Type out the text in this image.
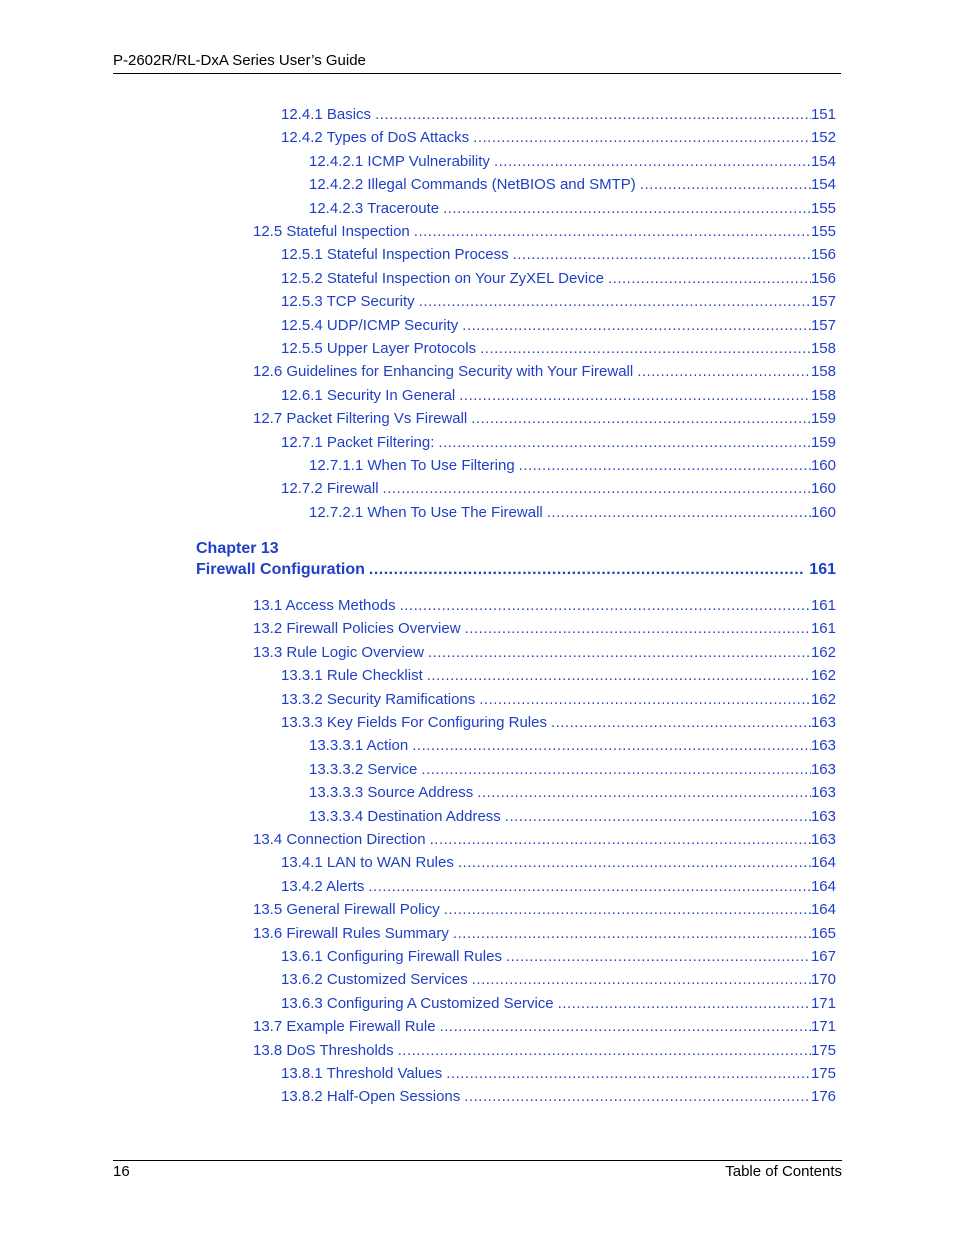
P-2602R/RL-DxA Series User’s Guide
12.4.1 Basics .....	151
12.4.2 Types of DoS Attacks .....	152
12.4.2.1 ICMP Vulnerability .....	154
12.4.2.2 Illegal Commands (NetBIOS and SMTP) .....	154
12.4.2.3 Traceroute .....	155
12.5 Stateful Inspection .....	155
12.5.1 Stateful Inspection Process .....	156
12.5.2 Stateful Inspection on Your ZyXEL Device .....	156
12.5.3 TCP Security .....	157
12.5.4 UDP/ICMP Security .....	157
12.5.5 Upper Layer Protocols .....	158
12.6 Guidelines for Enhancing Security with Your Firewall .....	158
12.6.1 Security In General .....	158
12.7 Packet Filtering Vs Firewall .....	159
12.7.1 Packet Filtering: .....	159
12.7.1.1 When To Use Filtering .....	160
12.7.2 Firewall .....	160
12.7.2.1 When To Use The Firewall .....	160
13.1 Access Methods .....	161
13.2 Firewall Policies Overview .....	161
13.3 Rule Logic Overview .....	162
13.3.1 Rule Checklist .....	162
13.3.2 Security Ramifications .....	162
13.3.3 Key Fields For Configuring Rules .....	163
13.3.3.1 Action .....	163
13.3.3.2 Service .....	163
13.3.3.3 Source Address .....	163
13.3.3.4 Destination Address .....	163
13.4 Connection Direction .....	163
13.4.1 LAN to WAN Rules .....	164
13.4.2 Alerts .....	164
13.5 General Firewall Policy .....	164
13.6 Firewall Rules Summary .....	165
13.6.1 Configuring Firewall Rules .....	167
13.6.2 Customized Services .....	170
13.6.3 Configuring A Customized Service .....	171
13.7 Example Firewall Rule .....	171
13.8 DoS Thresholds .....	175
13.8.1 Threshold Values .....	175
13.8.2 Half-Open Sessions .....	176
Chapter 13
Firewall Configuration .....	161
16	Table of Contents
